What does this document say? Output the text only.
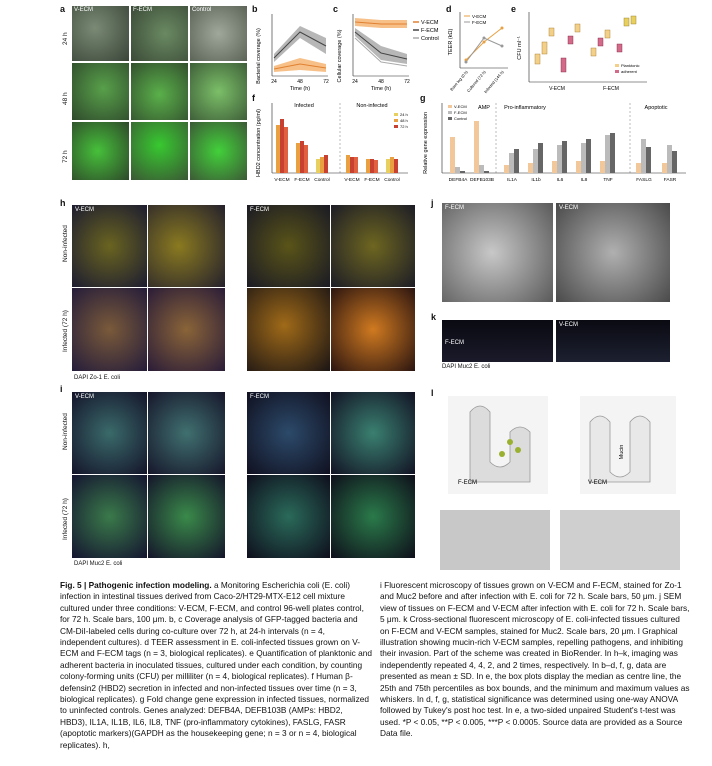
a
24 h
48 h
72 h
V-ECM	F-ECM	Control	b
Bacterial coverage (%) 24	48	72
Time (h)
c
Cellular coverage (%) 24	48	72
Time (h)
V-ECM
F-ECM
Control
d
TEER (kΩ)
V-ECM
F-ECM
Base log (0 h)
Cultured (72 h)
Infected (144 h)
e
CFU ml⁻¹
V-ECM	F-ECM
Planktonic
adherent
f
HBD2 concentration (pg/ml)
Infected	Non-infected
V-ECM F-ECM Control	V-ECM F-ECM Control
24 h
48 h
72 h
g
Relative gene expression
AMP	Pro-inflammatory	Apoptotic
V-ECM
F-ECM
Control
DEFB4A DEFB103B	IL1A	IL1b	IL6	IL8	TNF	FASLG	FASR
h
Non-infected
Infected (72 h)
V-ECM
DAPI Zo-1 E. coli
F-ECM
i
Non-infected
Infected (72 h)
V-ECM
DAPI Muc2 E. coli
F-ECM
j F-ECM	V-ECM
k
F-ECM
V-ECM
DAPI Muc2 E. coli
l
Mucin
F-ECM	V-ECM
Fig. 5 | Pathogenic infection modeling. a Monitoring Escherichia coli (E. coli) infection in intestinal tissues derived from Caco-2/HT29-MTX-E12 cell mixture cultured under three conditions: V-ECM, F-ECM, and control 96-well plates control, for 72 h. Scale bars, 100 μm. b, c Coverage analysis of GFP-tagged bacteria and CM-DiI-labeled cells during co-culture over 72 h, at 24-h intervals (n = 4, independent cultures). d TEER assessment in E. coli-infected tissues grown on V-ECM and F-ECM tags (n = 3, biological replicates). e Quantification of planktonic and adherent bacteria in inoculated tissues, cultured under each condition, by counting colony-forming units (CFU) per milliliter (n = 4, biological replicates). f Human β-defensin2 (HBD2) secretion in infected and non-infected tissues over time (n = 3, biological replicates). g Fold change gene expression in infected tissues, normalized to uninfected controls. Genes analyzed: DEFB4A, DEFB103B (AMPs: HBD2, HBD3), IL1A, IL1B, IL6, IL8, TNF (pro-inflammatory cytokines), FASLG, FASR (apoptotic markers)(GAPDH as the housekeeping gene; n = 3 or n = 4, biological replicates). h,
i Fluorescent microscopy of tissues grown on V-ECM and F-ECM, stained for Zo-1 and Muc2 before and after infection with E. coli for 72 h. Scale bars, 50 μm. j SEM view of tissues on F-ECM and V-ECM after infection with E. coli for 72 h. Scale bars, 5 μm. k Cross-sectional fluorescent microscopy of E. coli-infected tissues cultured on F-ECM and V-ECM samples, stained for Muc2. Scale bars, 20 μm. l Graphical illustration showing mucin-rich V-ECM samples, repelling pathogens, and inhibiting their invasion. Part of the scheme was created in BioRender. In h–k, imaging was independently repeated 4, 4, 2, and 2 times, respectively. In b–d, f, g, data are presented as mean ± SD. In e, the box plots display the median as centre line, the 25th and 75th percentiles as box bounds, and the minimum and maximum values as whiskers. In d, f, g, statistical significance was determined using one-way ANOVA followed by Tukey's post hoc test. In e, a two-sided unpaired Student's t-test was used. *P < 0.05, **P < 0.005, ***P < 0.0005. Source data are provided as a Source Data file.
